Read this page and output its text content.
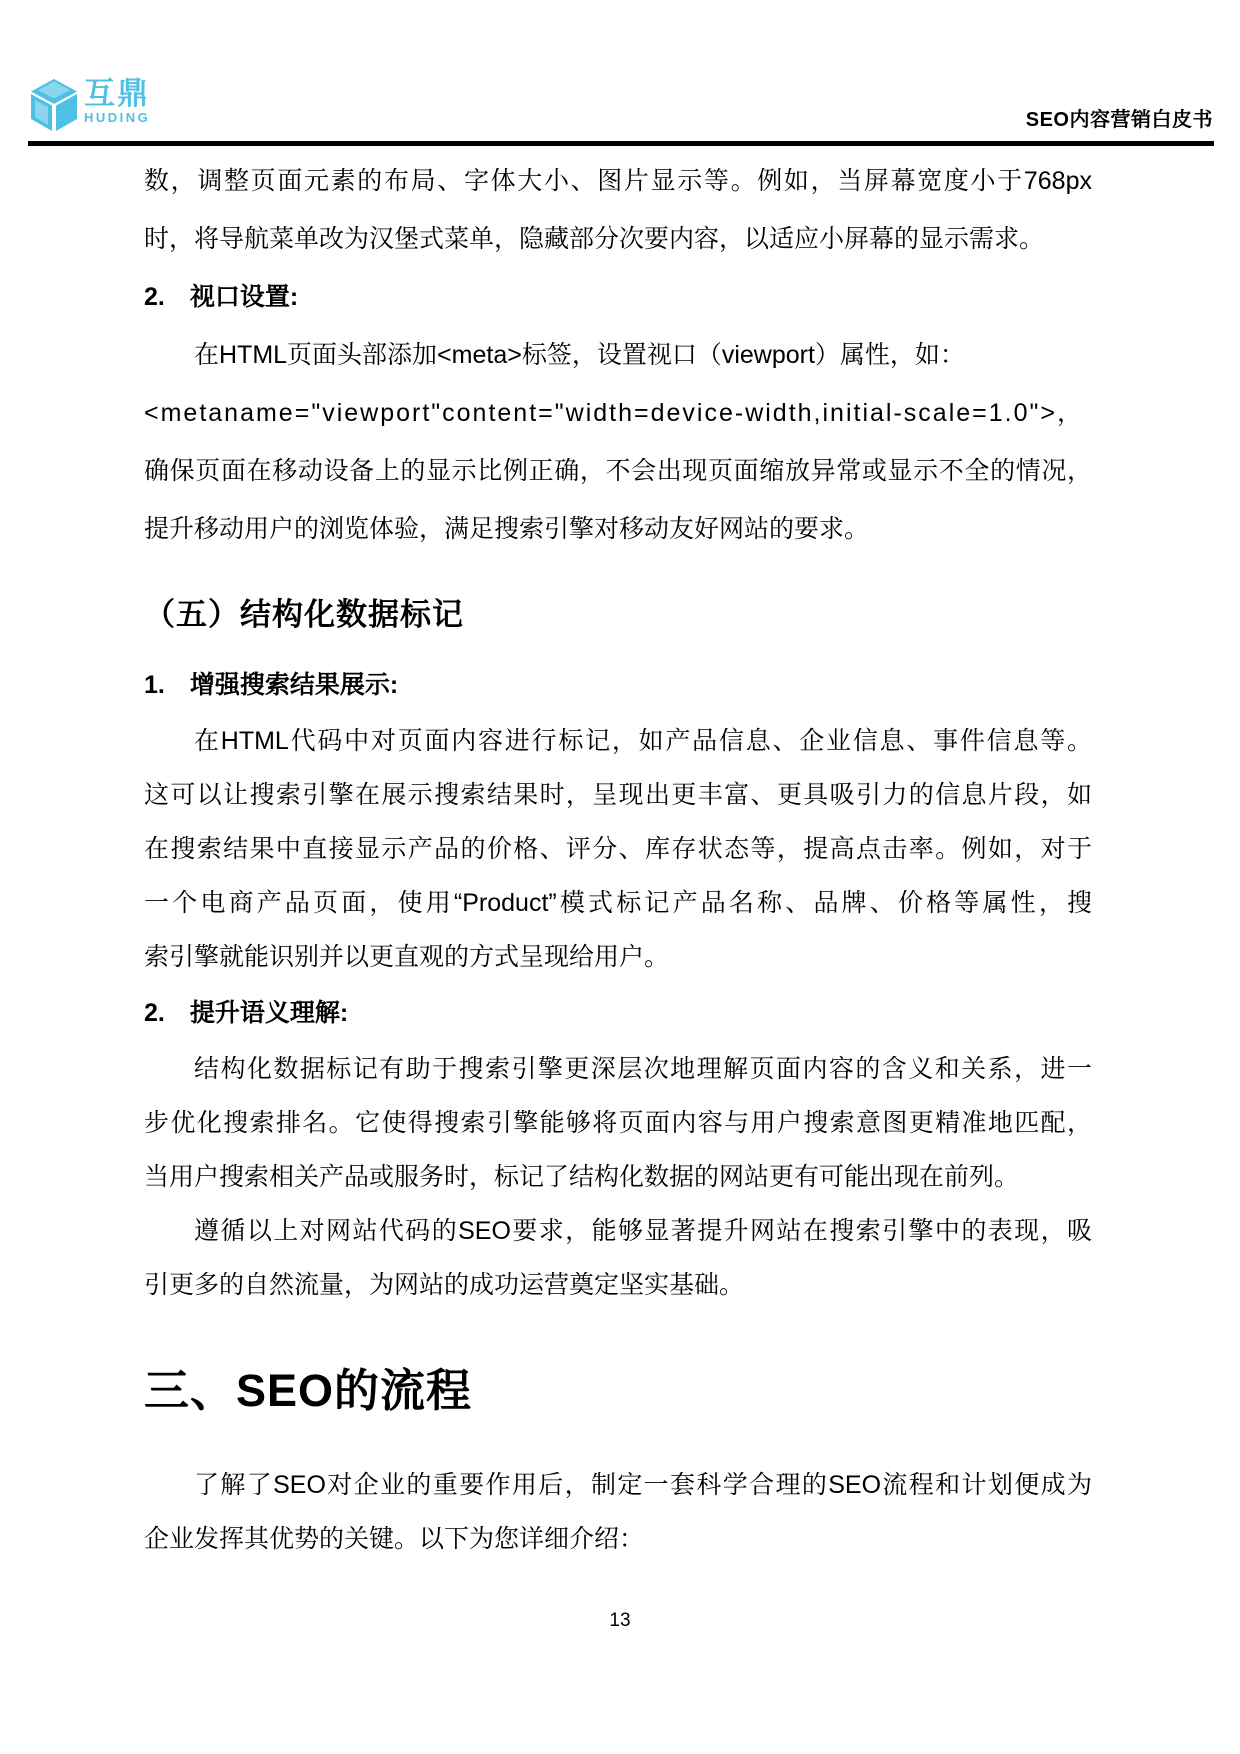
互鼎
HUDING	SEO内容营销白皮书
数，调整页面元素的布局、字体大小、图片显示等。例如，当屏幕宽度小于768px
时，将导航菜单改为汉堡式菜单，隐藏部分次要内容，以适应小屏幕的显示需求。
2.　视口设置:
在HTML页面头部添加<meta>标签，设置视口（viewport）属性，如：
<metaname="viewport"content="width=device-width,initial-scale=1.0">，
确保页面在移动设备上的显示比例正确，不会出现页面缩放异常或显示不全的情况，
提升移动用户的浏览体验，满足搜索引擎对移动友好网站的要求。
（五）结构化数据标记
1.　增强搜索结果展示:
在HTML代码中对页面内容进行标记，如产品信息、企业信息、事件信息等。
这可以让搜索引擎在展示搜索结果时，呈现出更丰富、更具吸引力的信息片段，如
在搜索结果中直接显示产品的价格、评分、库存状态等，提高点击率。例如，对于
一个电商产品页面，使用“Product”模式标记产品名称、品牌、价格等属性，搜
索引擎就能识别并以更直观的方式呈现给用户。
2.　提升语义理解:
结构化数据标记有助于搜索引擎更深层次地理解页面内容的含义和关系，进一
步优化搜索排名。它使得搜索引擎能够将页面内容与用户搜索意图更精准地匹配，
当用户搜索相关产品或服务时，标记了结构化数据的网站更有可能出现在前列。
遵循以上对网站代码的SEO要求，能够显著提升网站在搜索引擎中的表现，吸
引更多的自然流量，为网站的成功运营奠定坚实基础。
三、SEO的流程
了解了SEO对企业的重要作用后，制定一套科学合理的SEO流程和计划便成为
企业发挥其优势的关键。以下为您详细介绍：
13
